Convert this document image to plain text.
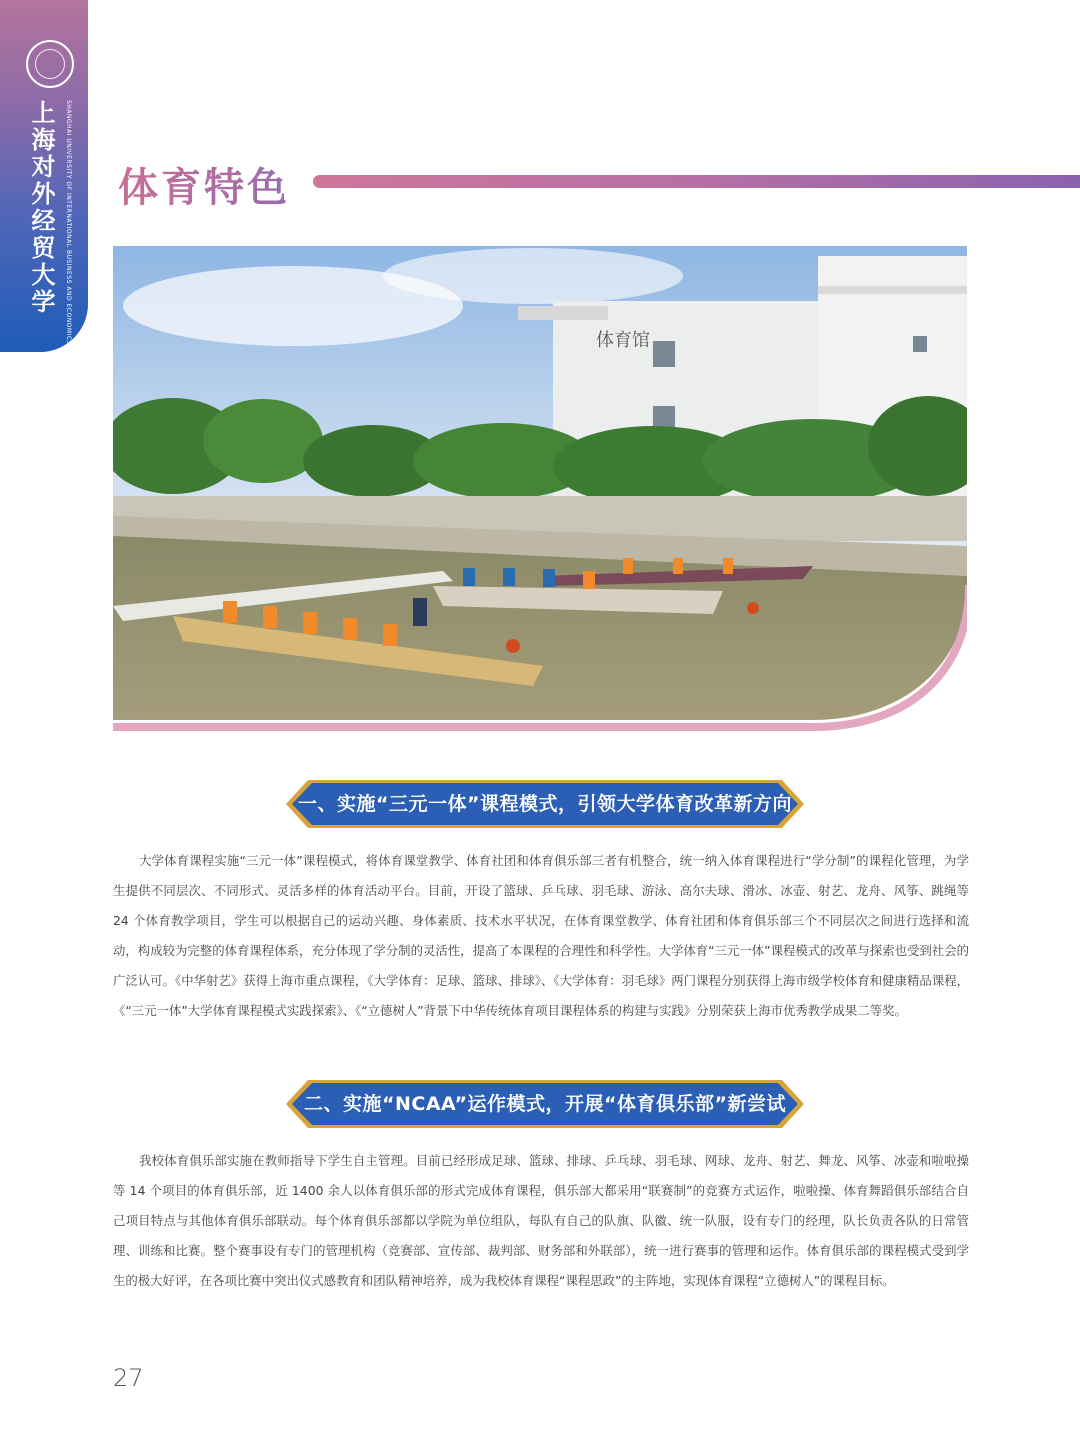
上海对外经贸大学	SHANGHAI UNIVERSITY OF INTERNATIONAL BUSINESS AND ECONOMICS 体育特色
体育馆
一、实施“三元一体”课程模式，引领大学体育改革新方向

大学体育课程实施“三元一体”课程模式，将体育课堂教学、体育社团和体育俱乐部三者有机整合，统一纳入体育课程进行“学分制”的课程化管理，为学生提供不同层次、不同形式、灵活多样的体育活动平台。目前，开设了篮球、乒乓球、羽毛球、游泳、高尔夫球、滑冰、冰壶、射艺、龙舟、风筝、跳绳等 24 个体育教学项目，学生可以根据自己的运动兴趣、身体素质、技术水平状况，在体育课堂教学、体育社团和体育俱乐部三个不同层次之间进行选择和流动，构成较为完整的体育课程体系，充分体现了学分制的灵活性，提高了本课程的合理性和科学性。大学体育“三元一体”课程模式的改革与探索也受到社会的广泛认可。《中华射艺》获得上海市重点课程，《大学体育：足球、篮球、排球》、《大学体育：羽毛球》两门课程分别获得上海市级学校体育和健康精品课程，《“三元一体”大学体育课程模式实践探索》、《“立德树人”背景下中华传统体育项目课程体系的构建与实践》分别荣获上海市优秀教学成果二等奖。

二、实施“NCAA”运作模式，开展“体育俱乐部”新尝试

我校体育俱乐部实施在教师指导下学生自主管理。目前已经形成足球、篮球、排球、乒乓球、羽毛球、网球、龙舟、射艺、舞龙、风筝、冰壶和啦啦操等 14 个项目的体育俱乐部，近 1400 余人以体育俱乐部的形式完成体育课程，俱乐部大都采用“联赛制”的竞赛方式运作，啦啦操、体育舞蹈俱乐部结合自己项目特点与其他体育俱乐部联动。每个体育俱乐部都以学院为单位组队，每队有自己的队旗、队徽、统一队服，设有专门的经理，队长负责各队的日常管理、训练和比赛。整个赛事设有专门的管理机构（竞赛部、宣传部、裁判部、财务部和外联部），统一进行赛事的管理和运作。体育俱乐部的课程模式受到学生的极大好评，在各项比赛中突出仪式感教育和团队精神培养，成为我校体育课程“课程思政”的主阵地，实现体育课程“立德树人”的课程目标。

27
